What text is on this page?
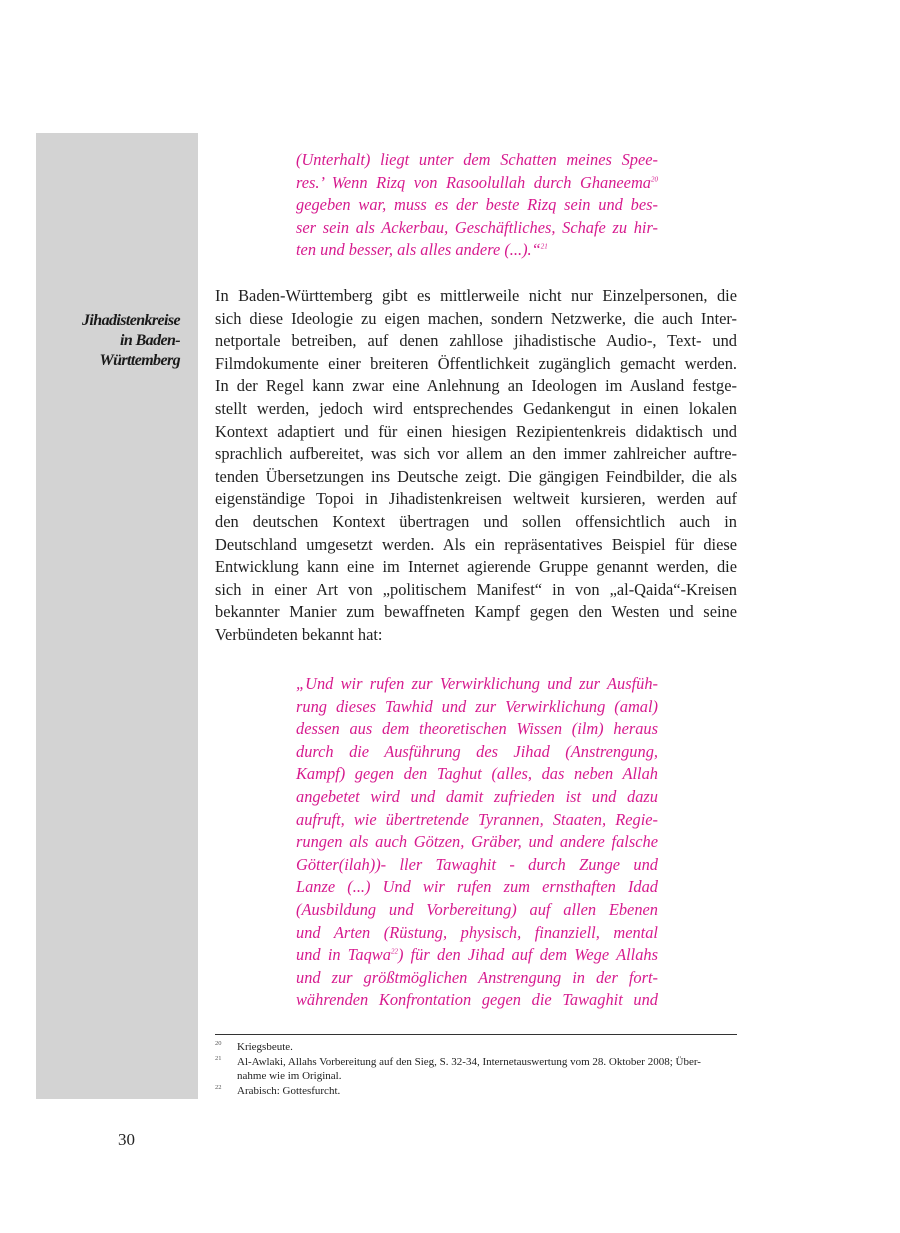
Jihadistenkreise
in Baden-
Württemberg
(Unterhalt) liegt unter dem Schatten meines Spee-
res.’ Wenn Rizq von Rasoolullah durch Ghaneema$^{20}$
gegeben war, muss es der beste Rizq sein und bes-
ser sein als Ackerbau, Geschäftliches, Schafe zu hir-
ten und besser, als alles andere (...).“$^{21}$
In Baden-Württemberg gibt es mittlerweile nicht nur Einzelpersonen, die
sich diese Ideologie zu eigen machen, sondern Netzwerke, die auch Inter-
netportale betreiben, auf denen zahllose jihadistische Audio-, Text- und
Filmdokumente einer breiteren Öffentlichkeit zugänglich gemacht werden.
In der Regel kann zwar eine Anlehnung an Ideologen im Ausland festge-
stellt werden, jedoch wird entsprechendes Gedankengut in einen lokalen
Kontext adaptiert und für einen hiesigen Rezipientenkreis didaktisch und
sprachlich aufbereitet, was sich vor allem an den immer zahlreicher auftre-
tenden Übersetzungen ins Deutsche zeigt. Die gängigen Feindbilder, die als
eigenständige Topoi in Jihadistenkreisen weltweit kursieren, werden auf
den deutschen Kontext übertragen und sollen offensichtlich auch in
Deutschland umgesetzt werden. Als ein repräsentatives Beispiel für diese
Entwicklung kann eine im Internet agierende Gruppe genannt werden, die
sich in einer Art von „politischem Manifest“ in von „al-Qaida“-Kreisen
bekannter Manier zum bewaffneten Kampf gegen den Westen und seine
Verbündeten bekannt hat:
„Und wir rufen zur Verwirklichung und zur Ausfüh-
rung dieses Tawhid und zur Verwirklichung (amal)
dessen aus dem theoretischen Wissen (ilm) heraus
durch die Ausführung des Jihad (Anstrengung,
Kampf) gegen den Taghut (alles, das neben Allah
angebetet wird und damit zufrieden ist und dazu
aufruft, wie übertretende Tyrannen, Staaten, Regie-
rungen als auch Götzen, Gräber, und andere falsche
Götter(ilah))- ller Tawaghit - durch Zunge und
Lanze (...) Und wir rufen zum ernsthaften Idad
(Ausbildung und Vorbereitung) auf allen Ebenen
und Arten (Rüstung, physisch, finanziell, mental
und in Taqwa$^{22}$) für den Jihad auf dem Wege Allahs
und zur größtmöglichen Anstrengung in der fort-
währenden Konfrontation gegen die Tawaghit und
20 Kriegsbeute.
21 Al-Awlaki, Allahs Vorbereitung auf den Sieg, S. 32-34, Internetauswertung vom 28. Oktober 2008; Über-
nahme wie im Original.
22 Arabisch: Gottesfurcht.
30
